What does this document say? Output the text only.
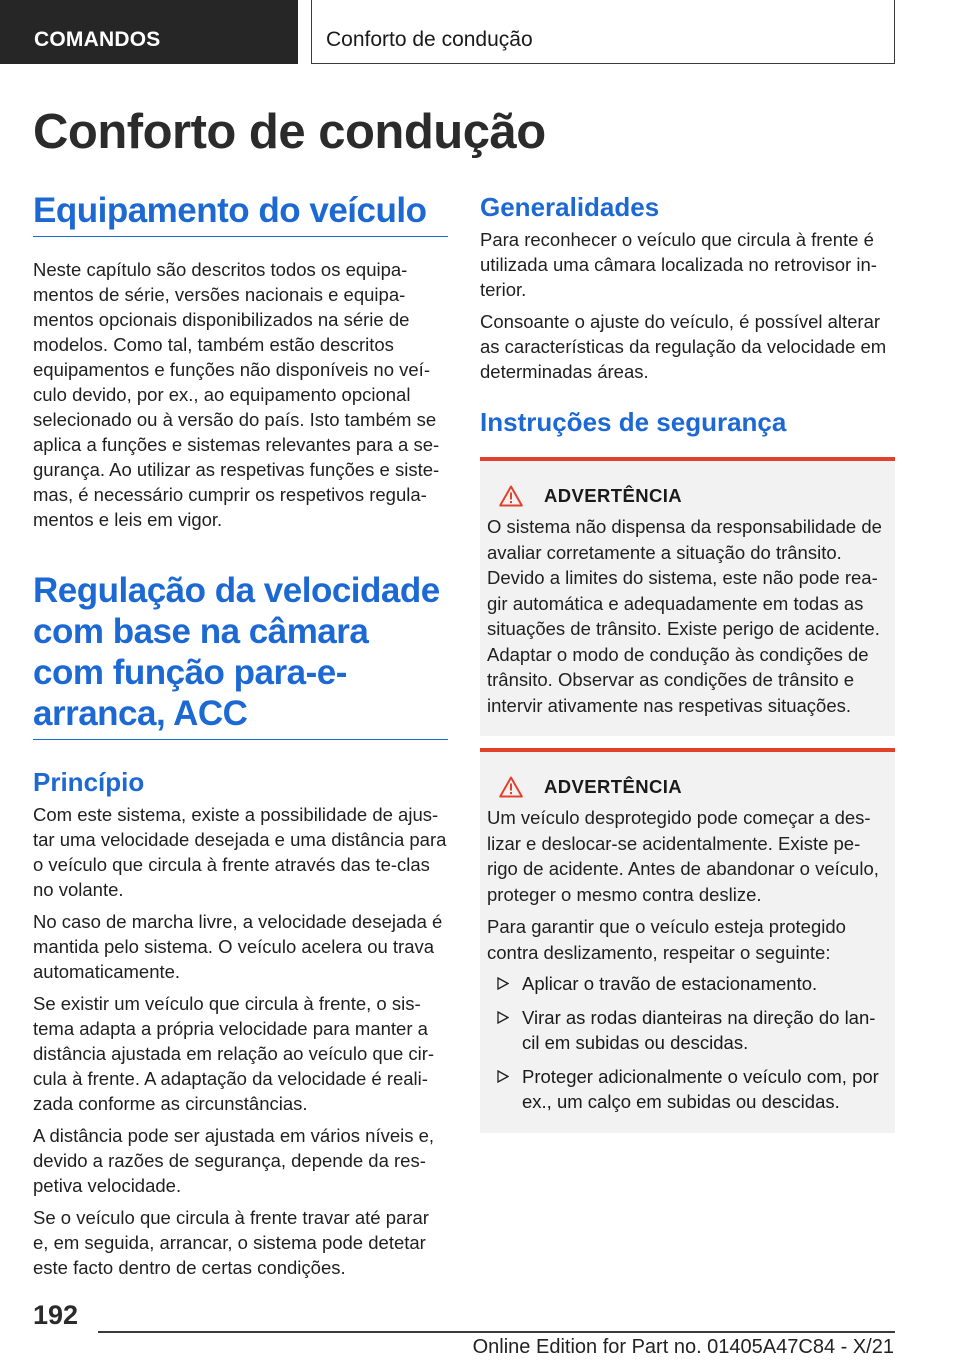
COMANDOS	Conforto de condução
Conforto de condução
Equipamento do veículo

Neste capítulo são descritos todos os equipa‐mentos de série, versões nacionais e equipa‐mentos opcionais disponibilizados na série de modelos. Como tal, também estão descritos equipamentos e funções não disponíveis no veí‐culo devido, por ex., ao equipamento opcional selecionado ou à versão do país. Isto também se aplica a funções e sistemas relevantes para a se‐gurança. Ao utilizar as respetivas funções e siste‐mas, é necessário cumprir os respetivos regula‐mentos e leis em vigor.

Regulação da velocidade com base na câmara com função para-e-arranca, ACC
Princípio

Com este sistema, existe a possibilidade de ajus‐tar uma velocidade desejada e uma distância para o veículo que circula à frente através das te‐clas no volante.

No caso de marcha livre, a velocidade desejada é mantida pelo sistema. O veículo acelera ou trava automaticamente.

Se existir um veículo que circula à frente, o sis‐tema adapta a própria velocidade para manter a distância ajustada em relação ao veículo que cir‐cula à frente. A adaptação da velocidade é reali‐zada conforme as circunstâncias.

A distância pode ser ajustada em vários níveis e, devido a razões de segurança, depende da res‐petiva velocidade.

Se o veículo que circula à frente travar até parar e, em seguida, arrancar, o sistema pode detetar este facto dentro de certas condições.

Generalidades

Para reconhecer o veículo que circula à frente é utilizada uma câmara localizada no retrovisor in‐terior.

Consoante o ajuste do veículo, é possível alterar as características da regulação da velocidade em determinadas áreas.

Instruções de segurança
ADVERTÊNCIA

O sistema não dispensa da responsabilidade de avaliar corretamente a situação do trânsito. Devido a limites do sistema, este não pode rea‐gir automática e adequadamente em todas as situações de trânsito. Existe perigo de acidente. Adaptar o modo de condução às condições de trânsito. Observar as condições de trânsito e intervir ativamente nas respetivas situações.

ADVERTÊNCIA

Um veículo desprotegido pode começar a des‐lizar e deslocar-se acidentalmente. Existe pe‐rigo de acidente. Antes de abandonar o veículo, proteger o mesmo contra deslize.

Para garantir que o veículo esteja protegido contra deslizamento, respeitar o seguinte:

Aplicar o travão de estacionamento.
Virar as rodas dianteiras na direção do lan‐cil em subidas ou descidas.
Proteger adicionalmente o veículo com, por ex., um calço em subidas ou descidas.
192
Online Edition for Part no. 01405A47C84 - X/21
